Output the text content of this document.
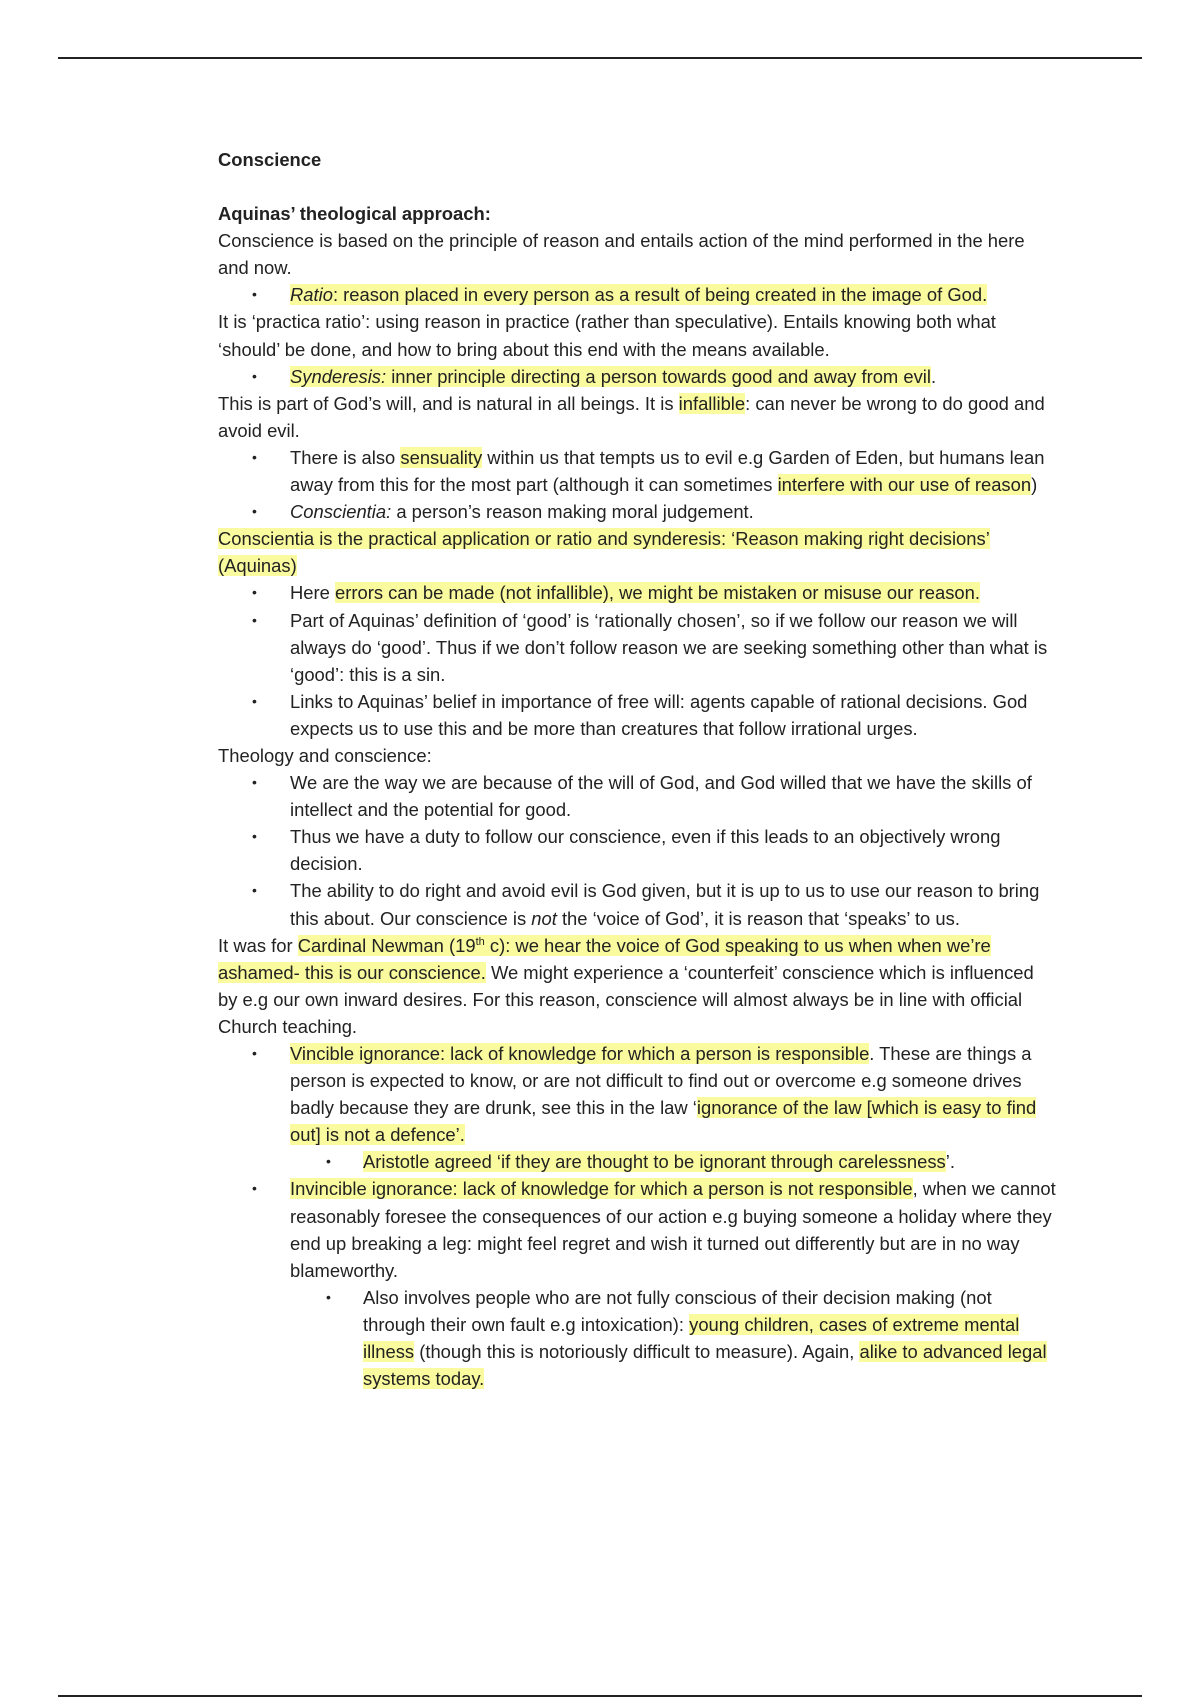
Conscience

Aquinas’ theological approach:

Conscience is based on the principle of reason and entails action of the mind performed in the here and now.

• Ratio: reason placed in every person as a result of being created in the image of God.

It is ‘practica ratio’: using reason in practice (rather than speculative). Entails knowing both what ‘should’ be done, and how to bring about this end with the means available.

• Synderesis: inner principle directing a person towards good and away from evil.

This is part of God’s will, and is natural in all beings. It is infallible: can never be wrong to do good and avoid evil.

• There is also sensuality within us that tempts us to evil e.g Garden of Eden, but humans lean away from this for the most part (although it can sometimes interfere with our use of reason)

• Conscientia: a person’s reason making moral judgement.

Conscientia is the practical application or ratio and synderesis: ‘Reason making right decisions’ (Aquinas)

• Here errors can be made (not infallible), we might be mistaken or misuse our reason.

• Part of Aquinas’ definition of ‘good’ is ‘rationally chosen’, so if we follow our reason we will always do ‘good’. Thus if we don’t follow reason we are seeking something other than what is ‘good’: this is a sin.

• Links to Aquinas’ belief in importance of free will: agents capable of rational decisions. God expects us to use this and be more than creatures that follow irrational urges.

Theology and conscience:

• We are the way we are because of the will of God, and God willed that we have the skills of intellect and the potential for good.

• Thus we have a duty to follow our conscience, even if this leads to an objectively wrong decision.

• The ability to do right and avoid evil is God given, but it is up to us to use our reason to bring this about. Our conscience is not the ‘voice of God’, it is reason that ‘speaks’ to us.

It was for Cardinal Newman (19th c): we hear the voice of God speaking to us when when we’re ashamed- this is our conscience. We might experience a ‘counterfeit’ conscience which is influenced by e.g our own inward desires. For this reason, conscience will almost always be in line with official Church teaching.

• Vincible ignorance: lack of knowledge for which a person is responsible. These are things a person is expected to know, or are not difficult to find out or overcome e.g someone drives badly because they are drunk, see this in the law ‘ignorance of the law [which is easy to find out] is not a defence’.

• Aristotle agreed ‘if they are thought to be ignorant through carelessness’.

• Invincible ignorance: lack of knowledge for which a person is not responsible, when we cannot reasonably foresee the consequences of our action e.g buying someone a holiday where they end up breaking a leg: might feel regret and wish it turned out differently but are in no way blameworthy.

• Also involves people who are not fully conscious of their decision making (not through their own fault e.g intoxication): young children, cases of extreme mental illness (though this is notoriously difficult to measure). Again, alike to advanced legal systems today.
